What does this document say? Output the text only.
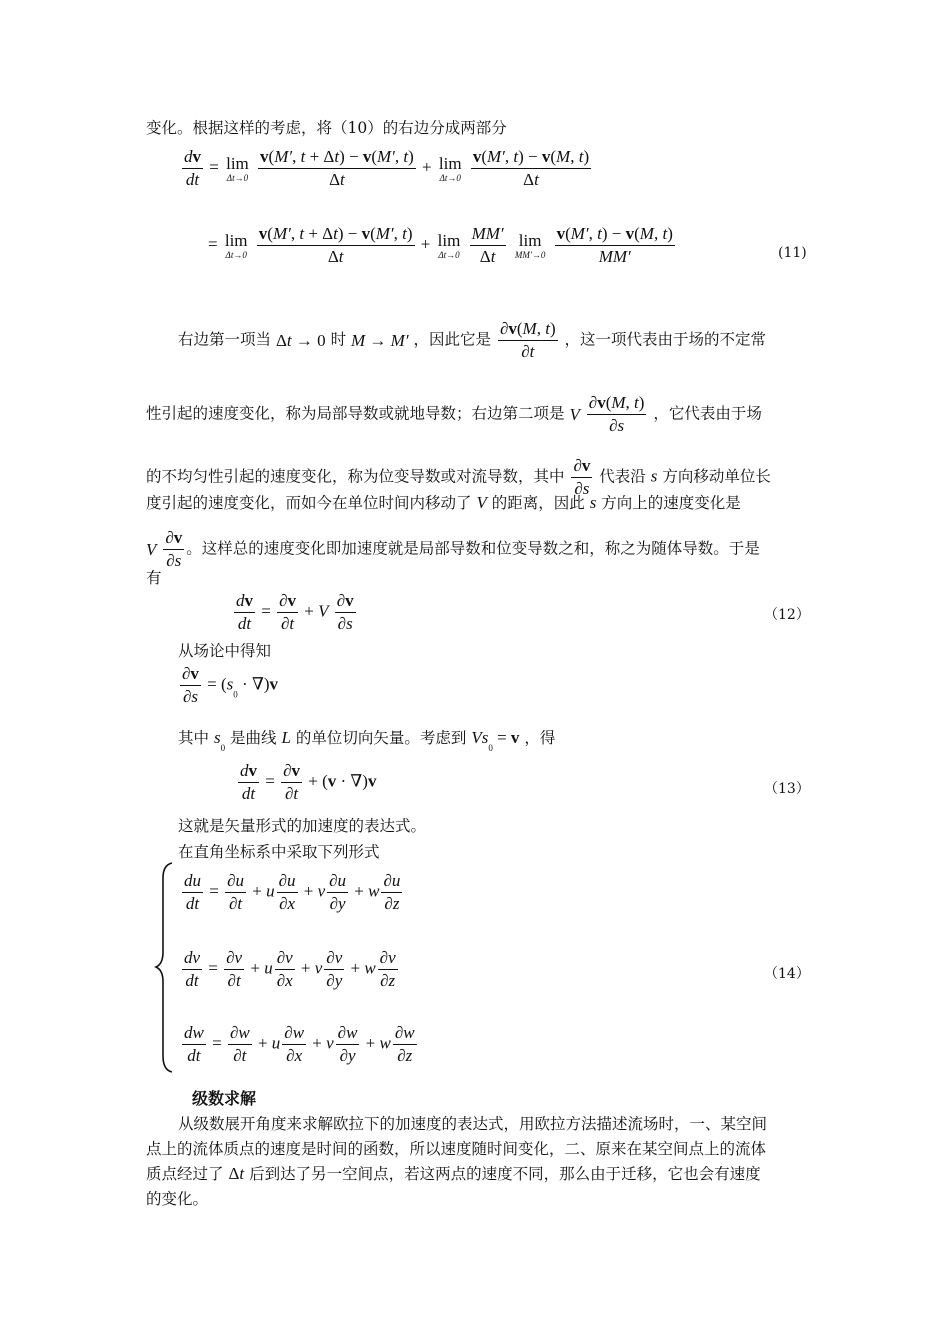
变化。根据这样的考虑，将（10）的右边分成两部分
$\frac{dv}{dt} = \lim$
Δt→0
$\frac{v(M', t + \Delta t) - v(M', t)}{\Delta t} + \lim$
Δt→0
$\frac{v(M', t) - v(M, t)}{\Delta t}$
= lim
Δt→0
$\frac{v(M', t + \Delta t) - v(M', t)}{\Delta t} + \lim$
Δt→0
$\frac{MM'}{\Delta t}$
lim
MM′→0
$\frac{v(M', t) - v(M, t)}{MM'}$	(11)
右边第一项当 Δt → 0 时 M → M′ ，因此它是 $\frac{\partial v(M, t)}{\partial t}$ ，这一项代表由于场的不定常
性引起的速度变化，称为局部导数或就地导数；右边第二项是 V $\frac{\partial v(M, t)}{\partial s}$ ，它代表由于场
的不均匀性引起的速度变化，称为位变导数或对流导数，其中 $\frac{\partial v}{\partial s}$ 代表沿 s 方向移动单位长
度引起的速度变化，而如今在单位时间内移动了 V 的距离，因此 s 方向上的速度变化是
V $\frac{\partial v}{\partial s}$ 。这样总的速度变化即加速度就是局部导数和位变导数之和，称之为随体导数。于是
有
$\frac{dv}{dt} = \frac{\partial v}{\partial t} + V \frac{\partial v}{\partial s}$	（12）
从场论中得知
$\frac{\partial v}{\partial s} = (s_0 \cdot \nabla)v$
其中 $s_0$ 是曲线 L 的单位切向矢量。考虑到 $Vs_0 = v$ ，得
$\frac{dv}{dt} = \frac{\partial v}{\partial t} + (v \cdot \nabla)v$	（13）
这就是矢量形式的加速度的表达式。
在直角坐标系中采取下列形式
$\frac{du}{dt} = \frac{\partial u}{\partial t} + u \frac{\partial u}{\partial x} + v \frac{\partial u}{\partial y} + w \frac{\partial u}{\partial z}$
$\frac{dv}{dt} = \frac{\partial v}{\partial t} + u \frac{\partial v}{\partial x} + v \frac{\partial v}{\partial y} + w \frac{\partial v}{\partial z}$
$\frac{dw}{dt} = \frac{\partial w}{\partial t} + u \frac{\partial w}{\partial x} + v \frac{\partial w}{\partial y} + w \frac{\partial w}{\partial z}$
（14）
级数求解
从级数展开角度来求解欧拉下的加速度的表达式，用欧拉方法描述流场时，一、某空间
点上的流体质点的速度是时间的函数，所以速度随时间变化，二、原来在某空间点上的流体
质点经过了 Δt 后到达了另一空间点，若这两点的速度不同，那么由于迁移，它也会有速度
的变化。
